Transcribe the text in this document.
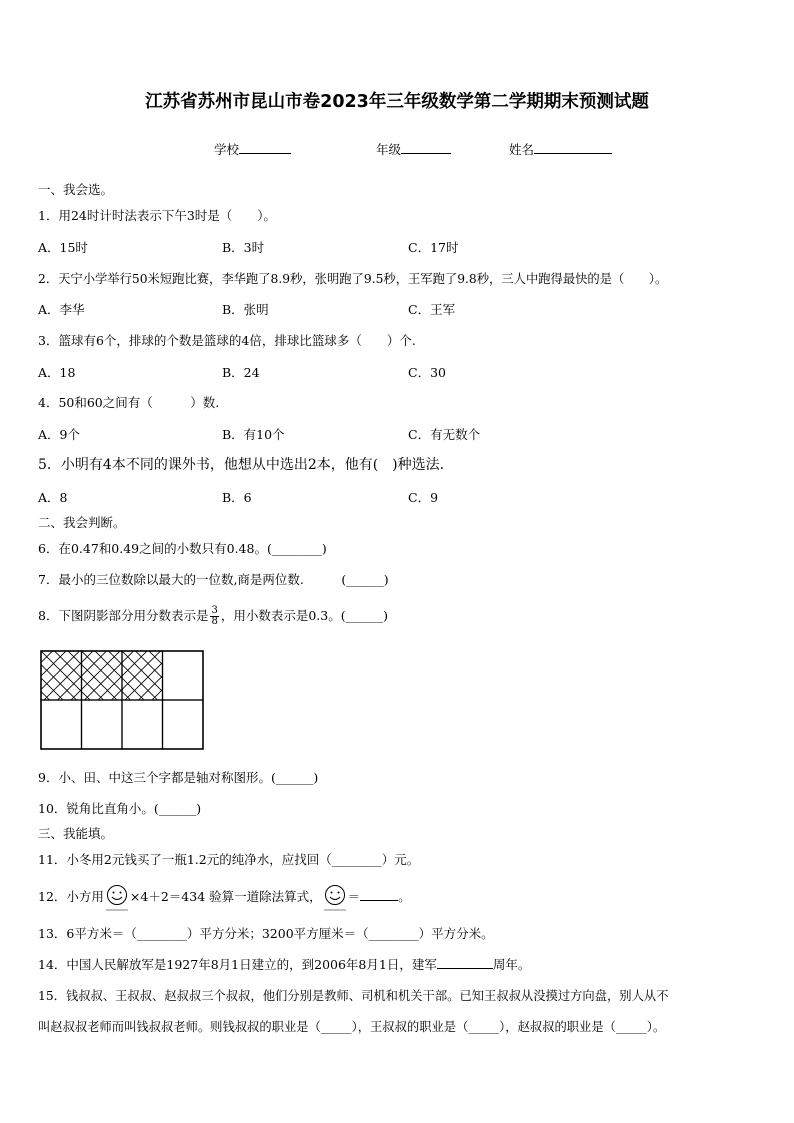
江苏省苏州市昆山市卷2023年三年级数学第二学期期末预测试题
学校	年级	姓名
一、我会选。
1．用24时计时法表示下午3时是（　　）。
A．15时	B．3时	C．17时
2．天宁小学举行50米短跑比赛，李华跑了8.9秒，张明跑了9.5秒，王军跑了9.8秒，三人中跑得最快的是（　　）。
A．李华	B．张明	C．王军
3．篮球有6个，排球的个数是篮球的4倍，排球比篮球多（　　）个.
A．18	B．24	C．30
4．50和60之间有（　　　）数.
A．9个	B．有10个	C．有无数个
5．小明有4本不同的课外书，他想从中选出2本，他有(　)种选法.
A．8	B．6	C．9
二、我会判断。
6．在0.47和0.49之间的小数只有0.48。(________)
7．最小的三位数除以最大的一位数,商是两位数.　　　(______)
8．下图阴影部分用分数表示是 $\frac{3}{8}$ ，用小数表示是0.3。(______)
9．小、田、中这三个字都是轴对称图形。(______)
10．锐角比直角小。(______)
三、我能填。
11．小冬用2元钱买了一瓶1.2元的纯净水，应找回（________）元。
12．小方用 ×4＋2＝434 验算一道除法算式， ＝	。
13．6平方米＝（________）平方分米；3200平方厘米＝（________）平方分米。
14．中国人民解放军是1927年8月1日建立的，到2006年8月1日，建军	周年。
15．钱叔叔、王叔叔、赵叔叔三个叔叔，他们分别是教师、司机和机关干部。已知王叔叔从没摸过方向盘，别人从不
叫赵叔叔老师而叫钱叔叔老师。则钱叔叔的职业是（_____），王叔叔的职业是（_____），赵叔叔的职业是（_____）。
